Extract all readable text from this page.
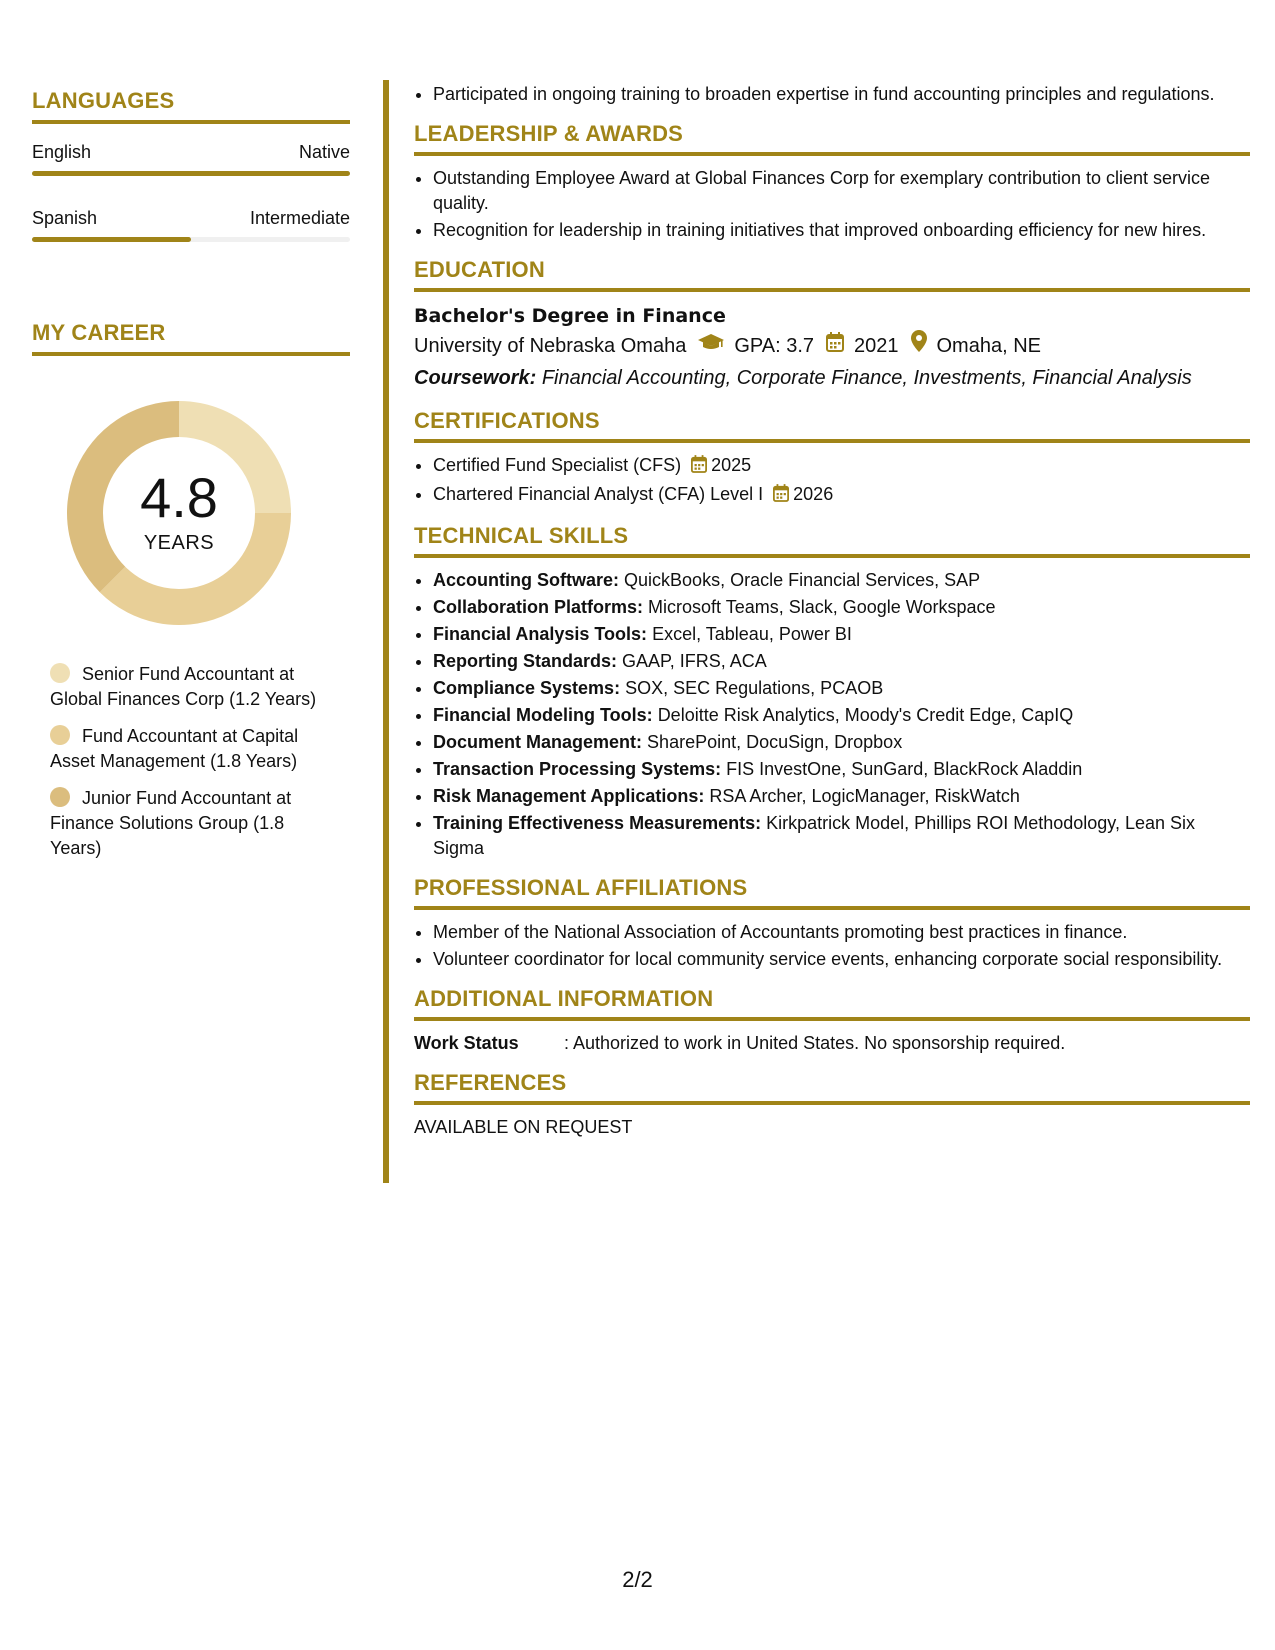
LANGUAGES
English	Native
Spanish	Intermediate
MY CAREER
4.8
YEARS
Senior Fund Accountant at Global Finances Corp (1.2 Years)
Fund Accountant at Capital Asset Management (1.8 Years)
Junior Fund Accountant at Finance Solutions Group (1.8 Years)
• Participated in ongoing training to broaden expertise in fund accounting principles and regulations.
LEADERSHIP & AWARDS
• Outstanding Employee Award at Global Finances Corp for exemplary contribution to client service quality.
• Recognition for leadership in training initiatives that improved onboarding efficiency for new hires.
EDUCATION
Bachelor's Degree in Finance
University of Nebraska Omaha GPA: 3.7 2021 Omaha, NE
Coursework: Financial Accounting, Corporate Finance, Investments, Financial Analysis
CERTIFICATIONS
• Certified Fund Specialist (CFS) 2025
• Chartered Financial Analyst (CFA) Level I 2026
TECHNICAL SKILLS
• Accounting Software: QuickBooks, Oracle Financial Services, SAP
• Collaboration Platforms: Microsoft Teams, Slack, Google Workspace
• Financial Analysis Tools: Excel, Tableau, Power BI
• Reporting Standards: GAAP, IFRS, ACA
• Compliance Systems: SOX, SEC Regulations, PCAOB
• Financial Modeling Tools: Deloitte Risk Analytics, Moody's Credit Edge, CapIQ
• Document Management: SharePoint, DocuSign, Dropbox
• Transaction Processing Systems: FIS InvestOne, SunGard, BlackRock Aladdin
• Risk Management Applications: RSA Archer, LogicManager, RiskWatch
• Training Effectiveness Measurements: Kirkpatrick Model, Phillips ROI Methodology, Lean Six Sigma
PROFESSIONAL AFFILIATIONS
• Member of the National Association of Accountants promoting best practices in finance.
• Volunteer coordinator for local community service events, enhancing corporate social responsibility.
ADDITIONAL INFORMATION
Work Status	: Authorized to work in United States. No sponsorship required.
REFERENCES
AVAILABLE ON REQUEST
2/2
